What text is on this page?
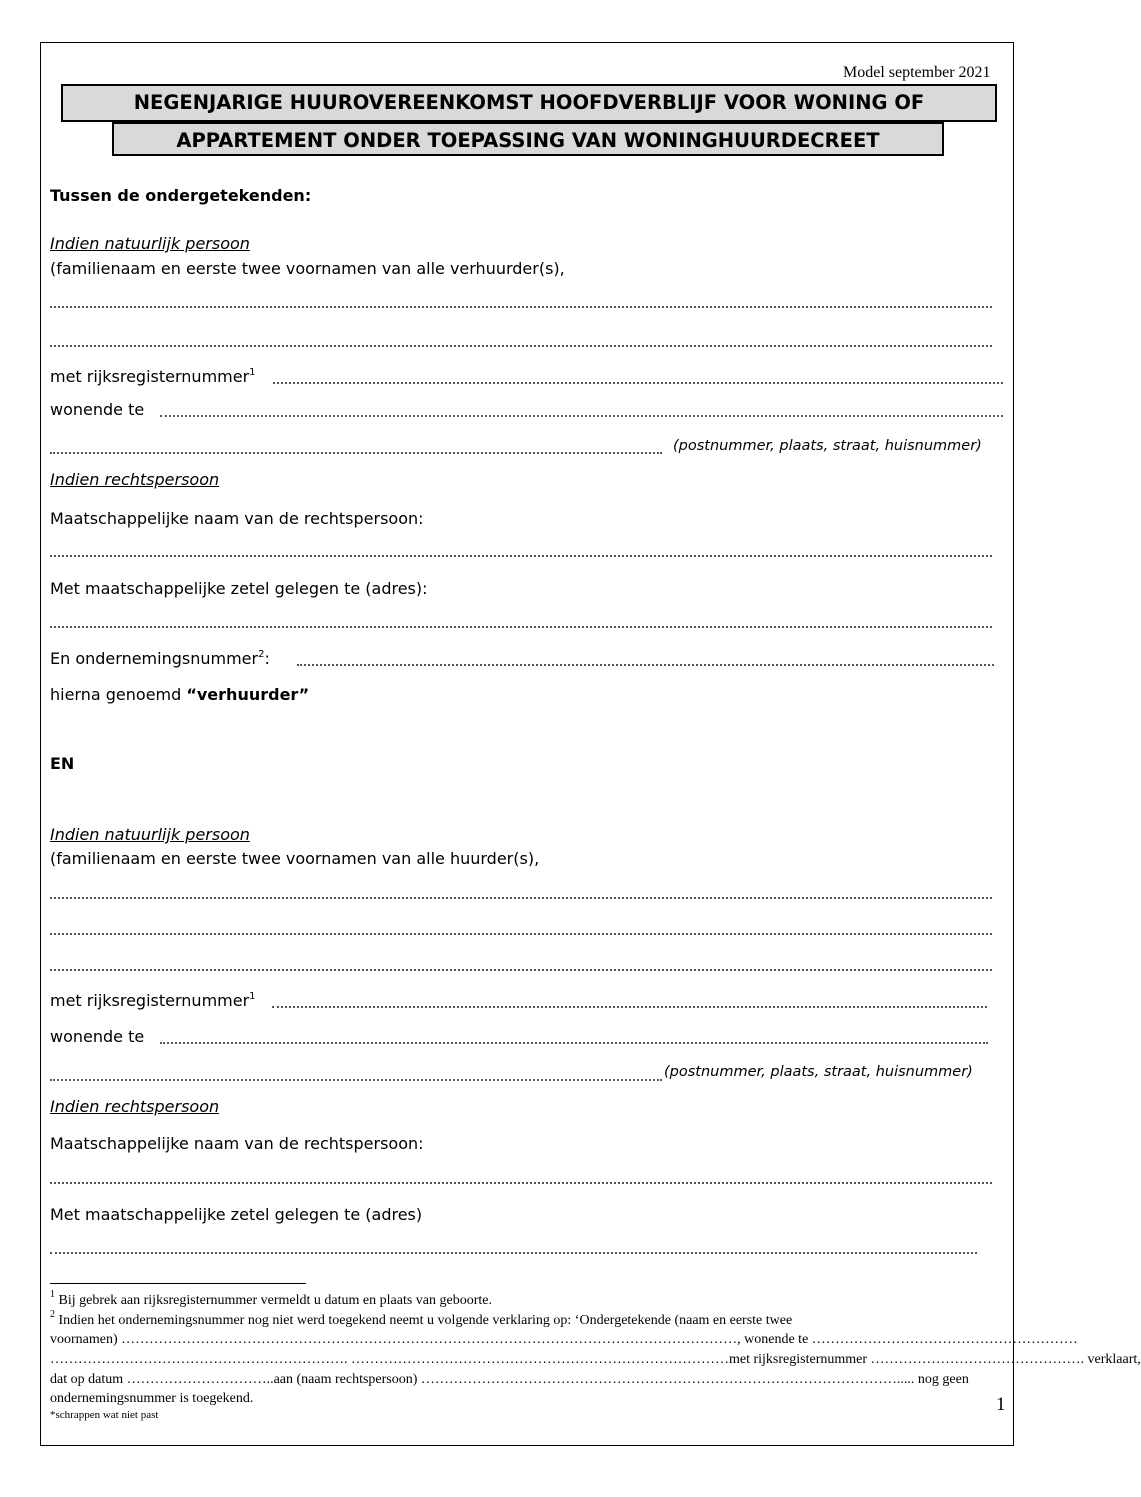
Model september 2021
NEGENJARIGE HUUROVEREENKOMST HOOFDVERBLIJF VOOR WONING OF
APPARTEMENT ONDER TOEPASSING VAN WONINGHUURDECREET
Tussen de ondergetekenden:
Indien natuurlijk persoon
(familienaam en eerste twee voornamen van alle verhuurder(s),
met rijksregisternummer$^1$
wonende te
(postnummer, plaats, straat, huisnummer)
Indien rechtspersoon
Maatschappelijke naam van de rechtspersoon:
Met maatschappelijke zetel gelegen te (adres):
En ondernemingsnummer$^2$:
hierna genoemd “verhuurder”
EN
Indien natuurlijk persoon
(familienaam en eerste twee voornamen van alle huurder(s),
met rijksregisternummer$^1$
wonende te
(postnummer, plaats, straat, huisnummer)
Indien rechtspersoon
Maatschappelijke naam van de rechtspersoon:
Met maatschappelijke zetel gelegen te (adres)
$^1$ Bij gebrek aan rijksregisternummer vermeldt u datum en plaats van geboorte.
$^2$ Indien het ondernemingsnummer nog niet werd toegekend neemt u volgende verklaring op: ‘Ondergetekende (naam en eerste twee
voornamen) ……………………………………………………………………………………………………………………, wonende te …………………………………………………
………………………………………………………. ………………………………………………………………………met rijksregisternummer ………………………………………. verklaart,
dat op datum …………………………..aan (naam rechtspersoon) …………………………………………………………………………………………..... nog geen
ondernemingsnummer is toegekend.
*schrappen wat niet past	1
